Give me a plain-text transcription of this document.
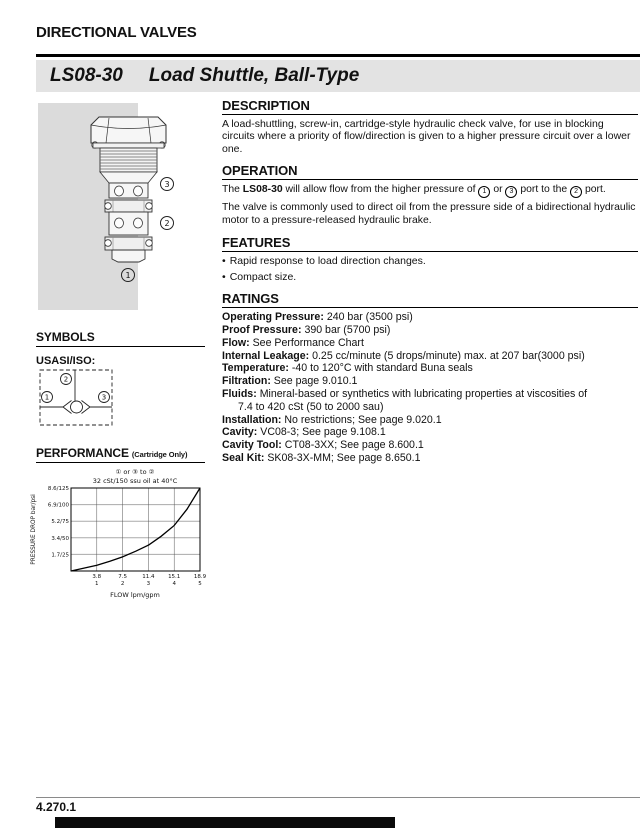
DIRECTIONAL VALVES
LS08-30 Load Shuttle, Ball-Type
3
2
1
DESCRIPTION
A load-shuttling, screw-in, cartridge-style hydraulic check valve, for use in blocking circuits where a priority of flow/direction is given to a higher pressure circuit over a lower one.
OPERATION
The LS08-30 will allow flow from the higher pressure of 1 or 3 port to the 2 port.
The valve is commonly used to direct oil from the pressure side of a bidirectional hydraulic motor to a pressure-released hydraulic brake.
FEATURES
• Rapid response to load direction changes.
• Compact size.
RATINGS
Operating Pressure: 240 bar (3500 psi)
Proof Pressure: 390 bar (5700 psi)
Flow: See Performance Chart
Internal Leakage: 0.25 cc/minute (5 drops/minute) max. at 207 bar(3000 psi)
Temperature: -40 to 120°C with standard Buna seals
Filtration: See page 9.010.1
Fluids: Mineral-based or synthetics with lubricating properties at viscosities of
7.4 to 420 cSt (50 to 2000 sau)
Installation: No restrictions; See page 9.020.1
Cavity: VC08-3; See page 9.108.1
Cavity Tool: CT08-3XX; See page 8.600.1
Seal Kit: SK08-3X-MM; See page 8.650.1
SYMBOLS
USASI/ISO:
2
1	3
PERFORMANCE (Cartridge Only)
① or ③ to ②
32 cSt/150 ssu oil at 40°C
PRESSURE DROP bar/psi
8.6/125
6.9/100
5.2/75
3.4/50
1.7/25
3.8
1
7.5
2
11.4
3
15.1
4
18.9
5
FLOW lpm/gpm
4.270.1
